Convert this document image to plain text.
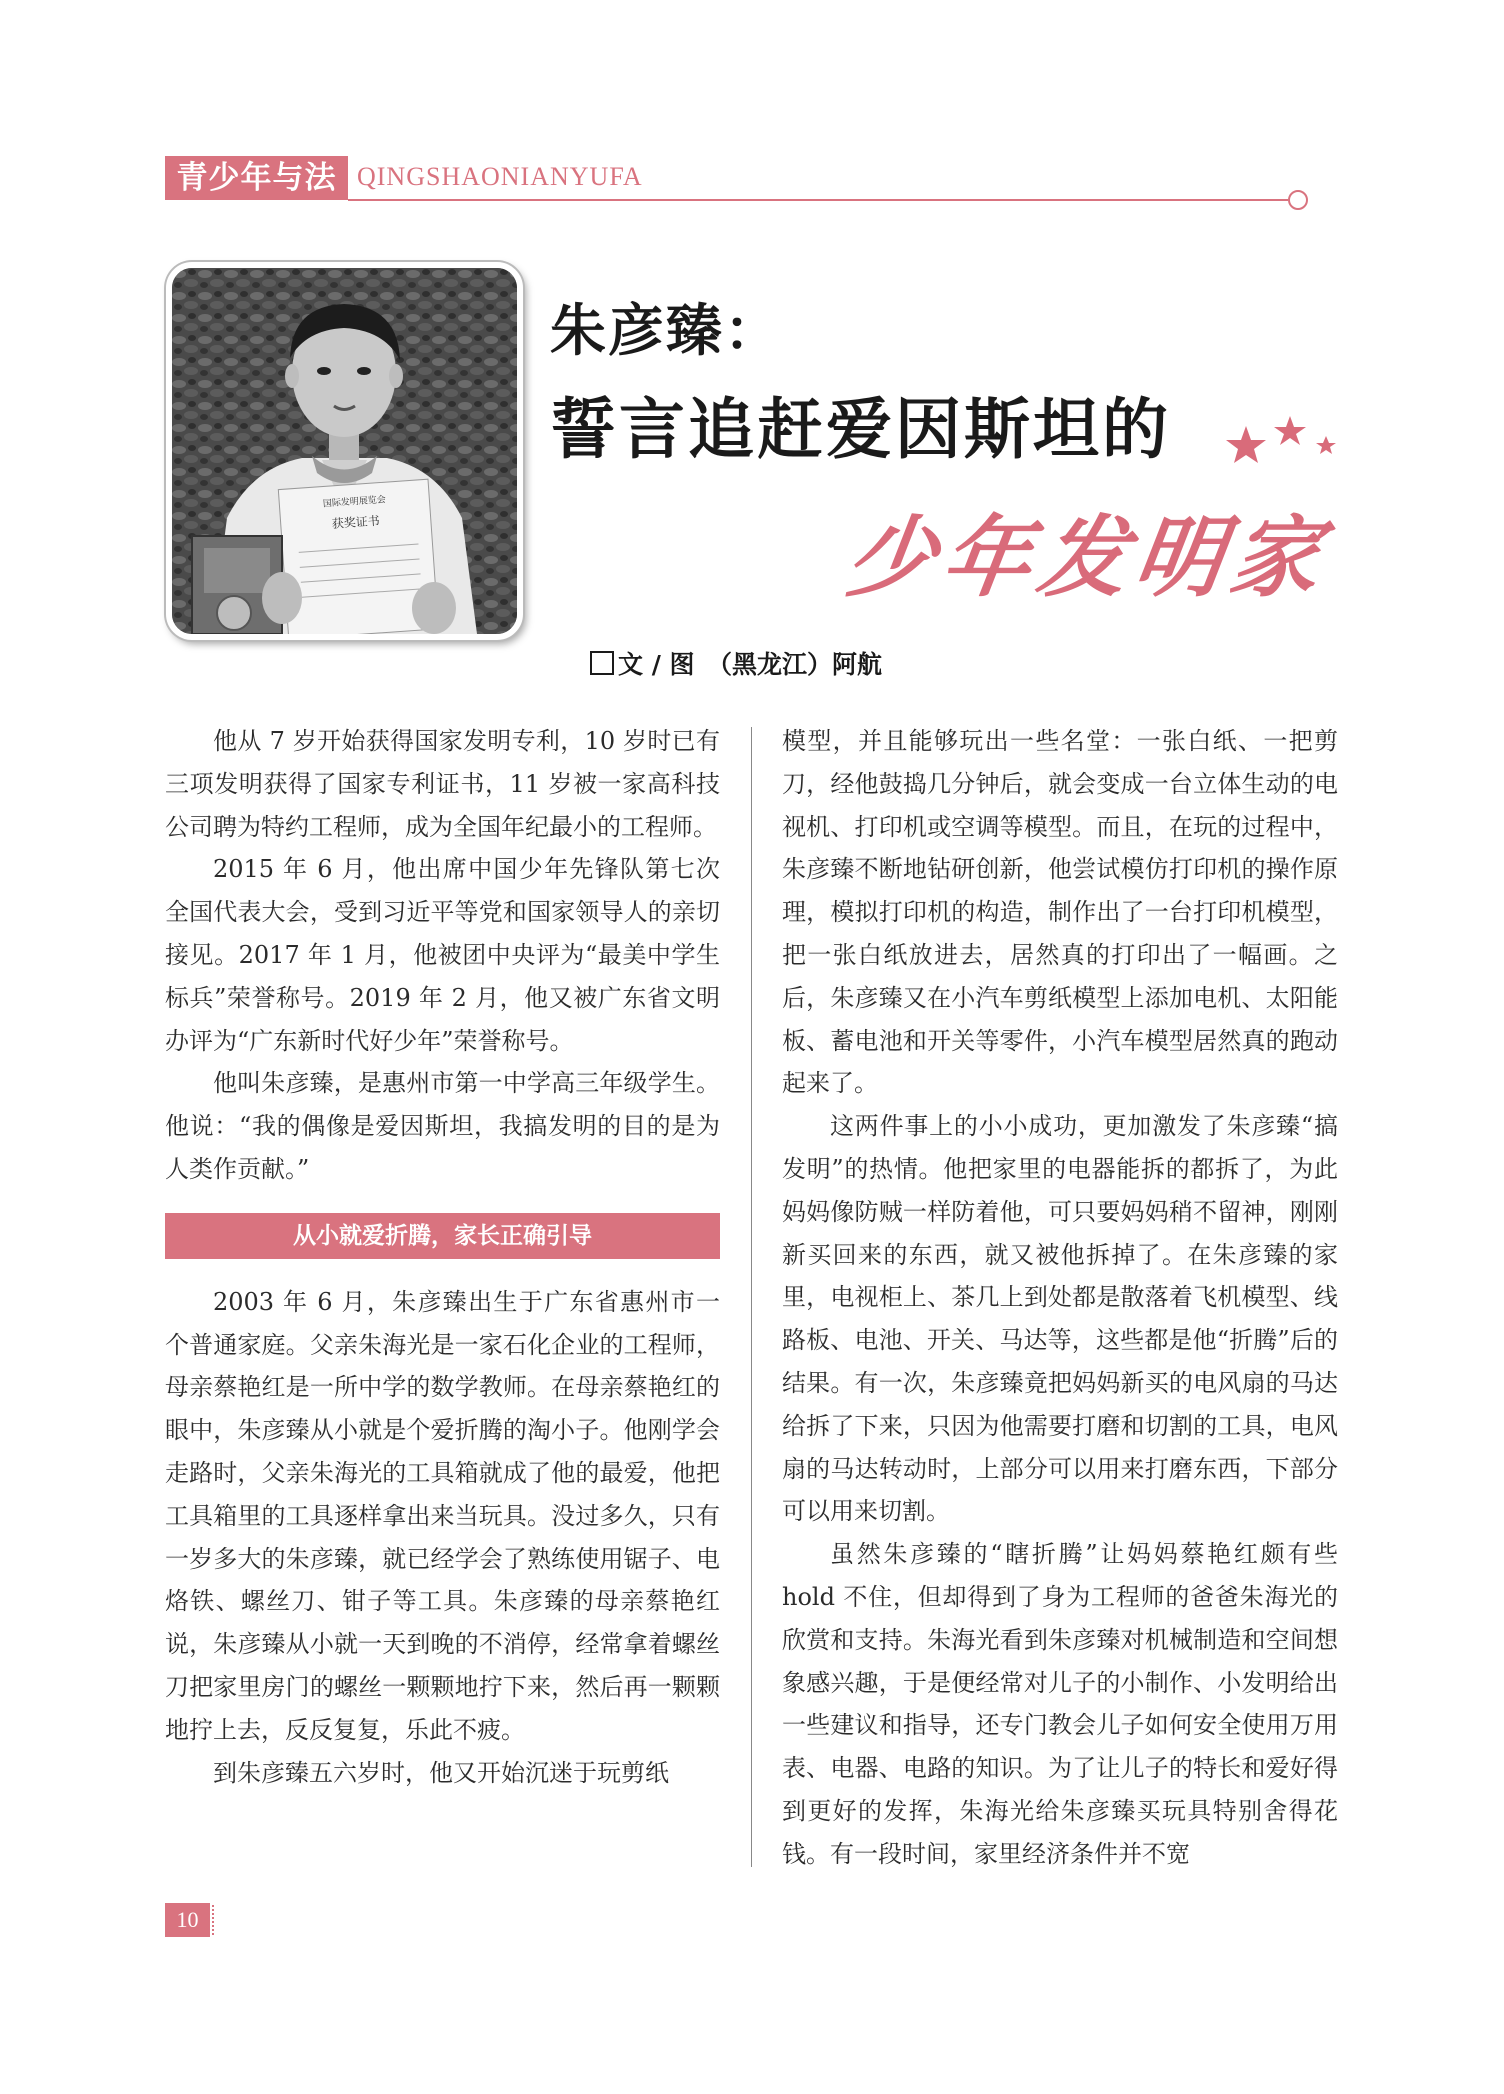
青少年与法 QINGSHAONIANYUFA
国际发明展览会
获奖证书
朱彦臻：
誓言追赶爱因斯坦的
少年发明家
文 / 图　（黑龙江）阿航

他从 7 岁开始获得国家发明专利，10 岁时已有三项发明获得了国家专利证书，11 岁被一家高科技公司聘为特约工程师，成为全国年纪最小的工程师。

2015 年 6 月，他出席中国少年先锋队第七次全国代表大会，受到习近平等党和国家领导人的亲切接见。2017 年 1 月，他被团中央评为“最美中学生标兵”荣誉称号。2019 年 2 月，他又被广东省文明办评为“广东新时代好少年”荣誉称号。

他叫朱彦臻，是惠州市第一中学高三年级学生。他说：“我的偶像是爱因斯坦，我搞发明的目的是为人类作贡献。”

从小就爱折腾，家长正确引导

2003 年 6 月，朱彦臻出生于广东省惠州市一个普通家庭。父亲朱海光是一家石化企业的工程师，母亲蔡艳红是一所中学的数学教师。在母亲蔡艳红的眼中，朱彦臻从小就是个爱折腾的淘小子。他刚学会走路时，父亲朱海光的工具箱就成了他的最爱，他把工具箱里的工具逐样拿出来当玩具。没过多久，只有一岁多大的朱彦臻，就已经学会了熟练使用锯子、电烙铁、螺丝刀、钳子等工具。朱彦臻的母亲蔡艳红说，朱彦臻从小就一天到晚的不消停，经常拿着螺丝刀把家里房门的螺丝一颗颗地拧下来，然后再一颗颗地拧上去，反反复复，乐此不疲。

到朱彦臻五六岁时，他又开始沉迷于玩剪纸

模型，并且能够玩出一些名堂：一张白纸、一把剪刀，经他鼓捣几分钟后，就会变成一台立体生动的电视机、打印机或空调等模型。而且，在玩的过程中，朱彦臻不断地钻研创新，他尝试模仿打印机的操作原理，模拟打印机的构造，制作出了一台打印机模型，把一张白纸放进去，居然真的打印出了一幅画。之后，朱彦臻又在小汽车剪纸模型上添加电机、太阳能板、蓄电池和开关等零件，小汽车模型居然真的跑动起来了。

这两件事上的小小成功，更加激发了朱彦臻“搞发明”的热情。他把家里的电器能拆的都拆了，为此妈妈像防贼一样防着他，可只要妈妈稍不留神，刚刚新买回来的东西，就又被他拆掉了。在朱彦臻的家里，电视柜上、茶几上到处都是散落着飞机模型、线路板、电池、开关、马达等，这些都是他“折腾”后的结果。有一次，朱彦臻竟把妈妈新买的电风扇的马达给拆了下来，只因为他需要打磨和切割的工具，电风扇的马达转动时，上部分可以用来打磨东西，下部分可以用来切割。

虽然朱彦臻的“瞎折腾”让妈妈蔡艳红颇有些 hold 不住，但却得到了身为工程师的爸爸朱海光的欣赏和支持。朱海光看到朱彦臻对机械制造和空间想象感兴趣，于是便经常对儿子的小制作、小发明给出一些建议和指导，还专门教会儿子如何安全使用万用表、电器、电路的知识。为了让儿子的特长和爱好得到更好的发挥，朱海光给朱彦臻买玩具特别舍得花钱。有一段时间，家里经济条件并不宽

10
